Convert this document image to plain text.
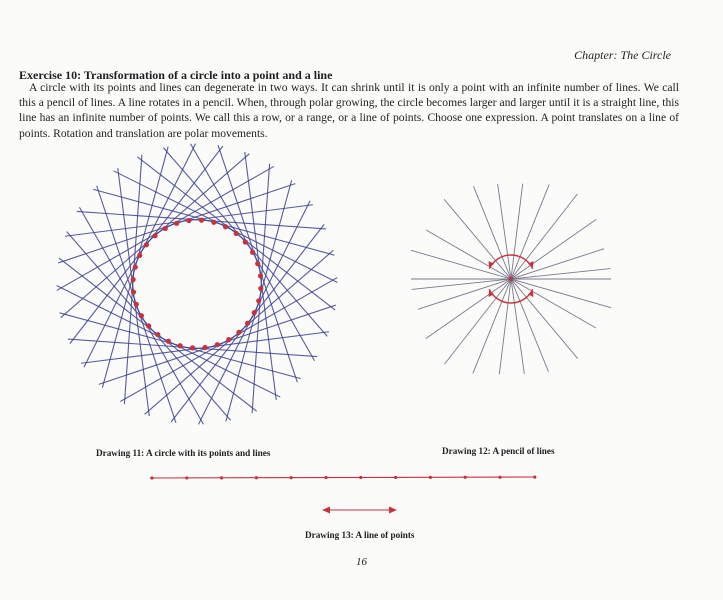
Chapter: The Circle
Exercise 10: Transformation of a circle into a point and a line

A circle with its points and lines can degenerate in two ways. It can shrink until it is only a point with an infinite number of lines. We call this a pencil of lines. A line rotates in a pencil. When, through polar growing, the circle becomes larger and larger until it is a straight line, this line has an infinite number of points. We call this a row, or a range, or a line of points. Choose one expression. A point translates on a line of points. Rotation and translation are polar movements.

Drawing 11: A circle with its points and lines	Drawing 12: A pencil of lines
Drawing 13: A line of points
16
